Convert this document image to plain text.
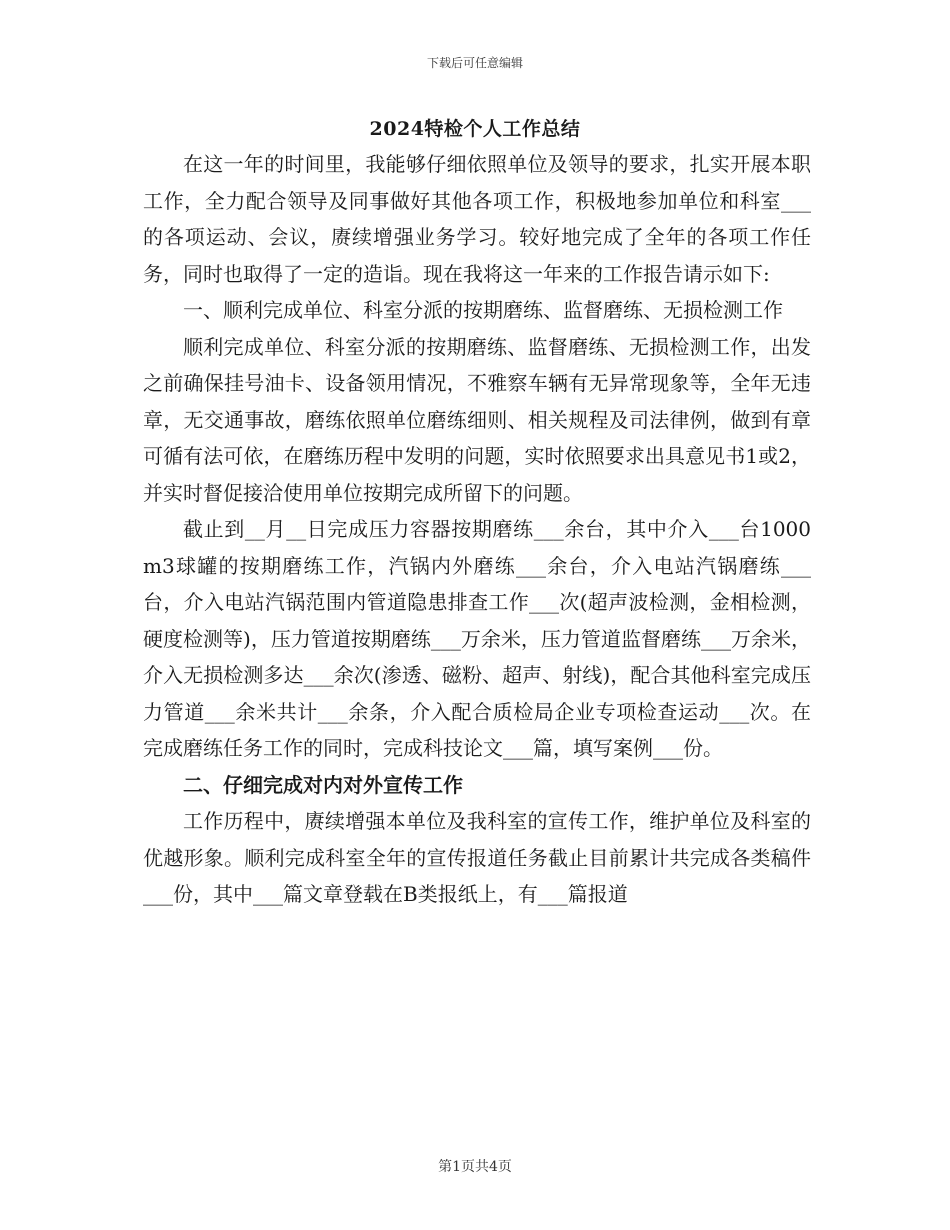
下载后可任意编辑
2024特检个人工作总结

在这一年的时间里，我能够仔细依照单位及领导的要求，扎实开展本职工作，全力配合领导及同事做好其他各项工作，积极地参加单位和科室___的各项运动、会议，赓续增强业务学习。较好地完成了全年的各项工作任务，同时也取得了一定的造诣。现在我将这一年来的工作报告请示如下:

一、顺利完成单位、科室分派的按期磨练、监督磨练、无损检测工作

顺利完成单位、科室分派的按期磨练、监督磨练、无损检测工作，出发之前确保挂号油卡、设备领用情况，不雅察车辆有无异常现象等，全年无违章，无交通事故，磨练依照单位磨练细则、相关规程及司法律例，做到有章可循有法可依，在磨练历程中发明的问题，实时依照要求出具意见书1或2，并实时督促接洽使用单位按期完成所留下的问题。

截止到__月__日完成压力容器按期磨练___余台，其中介入___台1000m3球罐的按期磨练工作，汽锅内外磨练___余台，介入电站汽锅磨练___台，介入电站汽锅范围内管道隐患排查工作___次(超声波检测，金相检测，硬度检测等)，压力管道按期磨练___万余米，压力管道监督磨练___万余米，介入无损检测多达___余次(渗透、磁粉、超声、射线)，配合其他科室完成压力管道___余米共计___余条，介入配合质检局企业专项检查运动___次。在完成磨练任务工作的同时，完成科技论文___篇，填写案例___份。

二、仔细完成对内对外宣传工作

工作历程中，赓续增强本单位及我科室的宣传工作，维护单位及科室的优越形象。顺利完成科室全年的宣传报道任务截止目前累计共完成各类稿件___份，其中___篇文章登载在B类报纸上，有___篇报道

第1页共4页
